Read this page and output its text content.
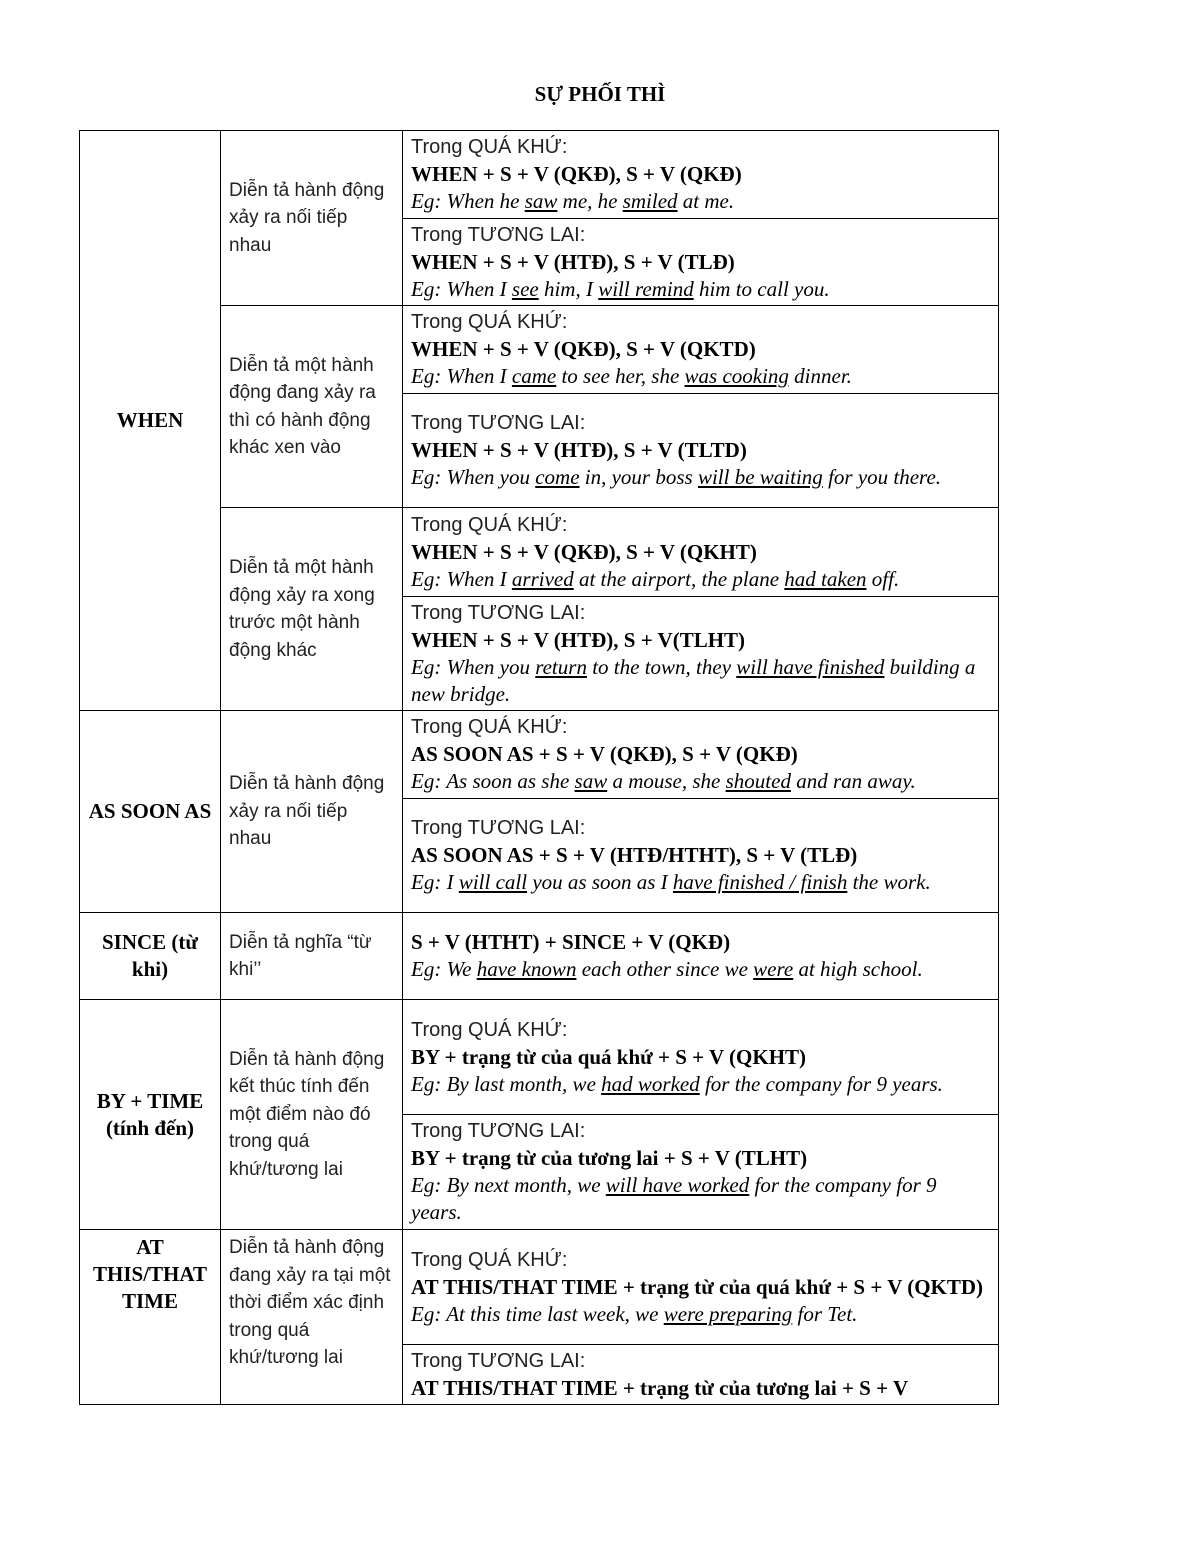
SỰ PHỐI THÌ
WHEN	Diễn tả hành động xảy ra nối tiếp nhau	Trong QUÁ KHỨ:
WHEN + S + V (QKĐ), S + V (QKĐ)
Eg: When he saw me, he smiled at me.

		Trong TƯƠNG LAI:
WHEN + S + V (HTĐ), S + V (TLĐ)
Eg: When I see him, I will remind him to call you.

	Diễn tả một hành động đang xảy ra thì có hành động khác xen vào	Trong QUÁ KHỨ:
WHEN + S + V (QKĐ), S + V (QKTD)
Eg: When I came to see her, she was cooking dinner.

		Trong TƯƠNG LAI:
WHEN + S + V (HTĐ), S + V (TLTD)
Eg: When you come in, your boss will be waiting for you there.

	Diễn tả một hành động xảy ra xong trước một hành động khác	Trong QUÁ KHỨ:
WHEN + S + V (QKĐ), S + V (QKHT)
Eg: When I arrived at the airport, the plane had taken off.

		Trong TƯƠNG LAI:
WHEN + S + V (HTĐ), S + V(TLHT)
Eg: When you return to the town, they will have finished building a new bridge.

AS SOON AS	Diễn tả hành động xảy ra nối tiếp nhau	Trong QUÁ KHỨ:
AS SOON AS + S + V (QKĐ), S + V (QKĐ)
Eg: As soon as she saw a mouse, she shouted and ran away.

		Trong TƯƠNG LAI:
AS SOON AS + S + V (HTĐ/HTHT), S + V (TLĐ)
Eg: I will call you as soon as I have finished / finish the work.

SINCE (từ khi)	Diễn tả nghĩa “từ khi’’	S + V (HTHT) + SINCE + V (QKĐ)
Eg: We have known each other since we were at high school.

BY + TIME (tính đến)	Diễn tả hành động kết thúc tính đến một điểm nào đó trong quá khứ/tương lai	Trong QUÁ KHỨ:
BY + trạng từ của quá khứ + S + V (QKHT)
Eg: By last month, we had worked for the company for 9 years.

		Trong TƯƠNG LAI:
BY + trạng từ của tương lai + S + V (TLHT)
Eg: By next month, we will have worked for the company for 9 years.

AT THIS/THAT TIME	Diễn tả hành động đang xảy ra tại một thời điểm xác định trong quá khứ/tương lai	Trong QUÁ KHỨ:
AT THIS/THAT TIME + trạng từ của quá khứ + S + V (QKTD)
Eg: At this time last week, we were preparing for Tet.

		Trong TƯƠNG LAI:
AT THIS/THAT TIME + trạng từ của tương lai + S + V
